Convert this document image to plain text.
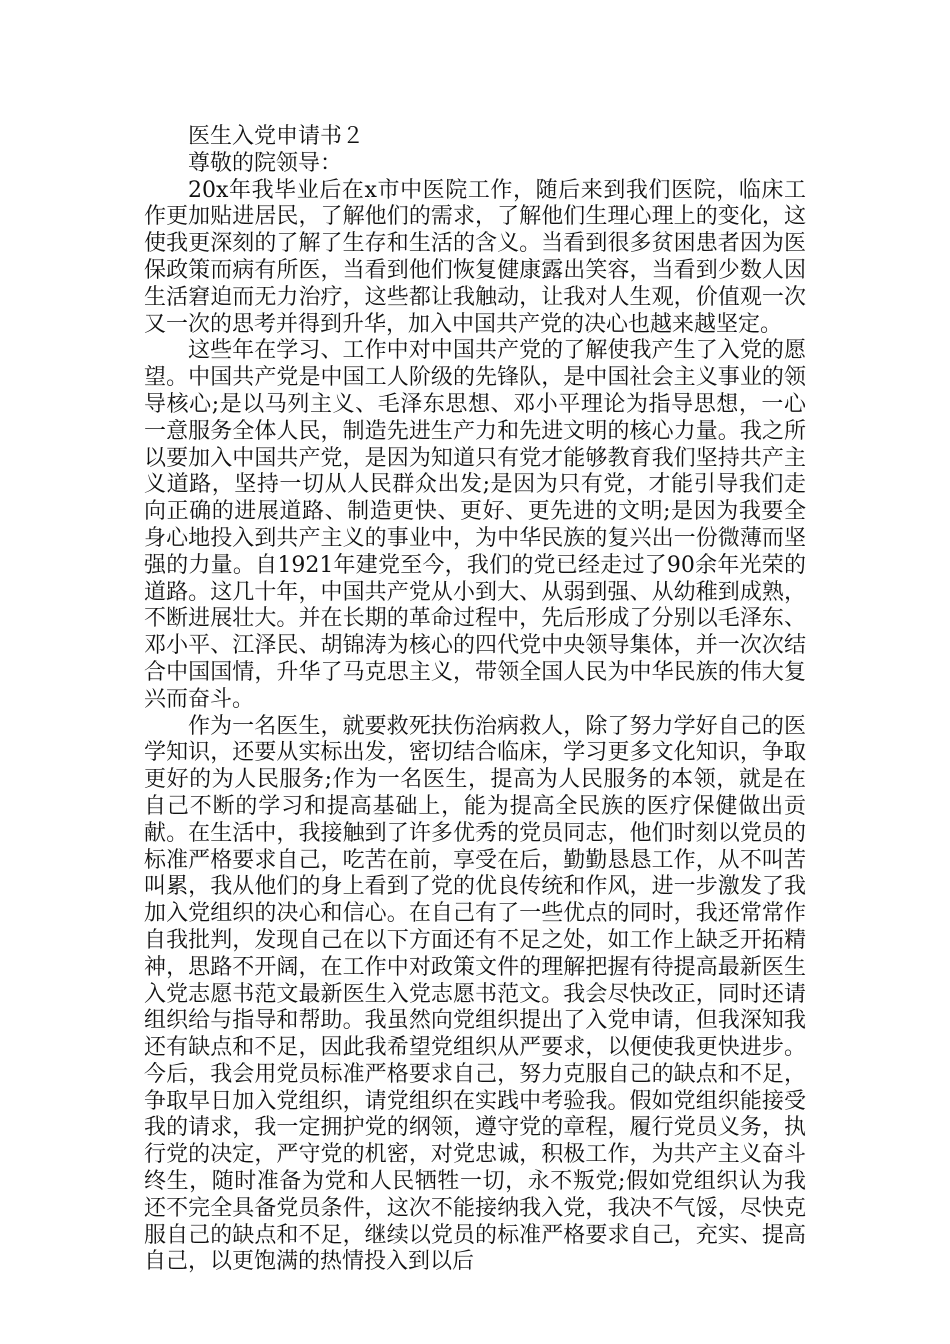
医生入党申请书２

尊敬的院领导：

20x年我毕业后在x市中医院工作，随后来到我们医院，临床工作更加贴进居民，了解他们的需求，了解他们生理心理上的变化，这使我更深刻的了解了生存和生活的含义。当看到很多贫困患者因为医保政策而病有所医，当看到他们恢复健康露出笑容，当看到少数人因生活窘迫而无力治疗，这些都让我触动，让我对人生观，价值观一次又一次的思考并得到升华，加入中国共产党的决心也越来越坚定。

这些年在学习、工作中对中国共产党的了解使我产生了入党的愿望。中国共产党是中国工人阶级的先锋队，是中国社会主义事业的领导核心;是以马列主义、毛泽东思想、邓小平理论为指导思想，一心一意服务全体人民，制造先进生产力和先进文明的核心力量。我之所以要加入中国共产党，是因为知道只有党才能够教育我们坚持共产主义道路，坚持一切从人民群众出发;是因为只有党，才能引导我们走向正确的进展道路、制造更快、更好、更先进的文明;是因为我要全身心地投入到共产主义的事业中，为中华民族的复兴出一份微薄而坚强的力量。自1921年建党至今，我们的党已经走过了90余年光荣的道路。这几十年，中国共产党从小到大、从弱到强、从幼稚到成熟，不断进展壮大。并在长期的革命过程中，先后形成了分别以毛泽东、邓小平、江泽民、胡锦涛为核心的四代党中央领导集体，并一次次结合中国国情，升华了马克思主义，带领全国人民为中华民族的伟大复兴而奋斗。

作为一名医生，就要救死扶伤治病救人，除了努力学好自己的医学知识，还要从实标出发，密切结合临床，学习更多文化知识，争取更好的为人民服务;作为一名医生，提高为人民服务的本领，就是在自己不断的学习和提高基础上，能为提高全民族的医疗保健做出贡献。在生活中，我接触到了许多优秀的党员同志，他们时刻以党员的标准严格要求自己，吃苦在前，享受在后，勤勤恳恳工作，从不叫苦叫累，我从他们的身上看到了党的优良传统和作风，进一步激发了我加入党组织的决心和信心。在自己有了一些优点的同时，我还常常作自我批判，发现自己在以下方面还有不足之处，如工作上缺乏开拓精神，思路不开阔，在工作中对政策文件的理解把握有待提高最新医生入党志愿书范文最新医生入党志愿书范文。我会尽快改正，同时还请组织给与指导和帮助。我虽然向党组织提出了入党申请，但我深知我还有缺点和不足，因此我希望党组织从严要求，以便使我更快进步。今后，我会用党员标准严格要求自己，努力克服自己的缺点和不足，争取早日加入党组织，请党组织在实践中考验我。假如党组织能接受我的请求，我一定拥护党的纲领，遵守党的章程，履行党员义务，执行党的决定，严守党的机密，对党忠诚，积极工作，为共产主义奋斗终生，随时准备为党和人民牺牲一切，永不叛党;假如党组织认为我还不完全具备党员条件，这次不能接纳我入党，我决不气馁，尽快克服自己的缺点和不足，继续以党员的标准严格要求自己，充实、提高自己，以更饱满的热情投入到以后
